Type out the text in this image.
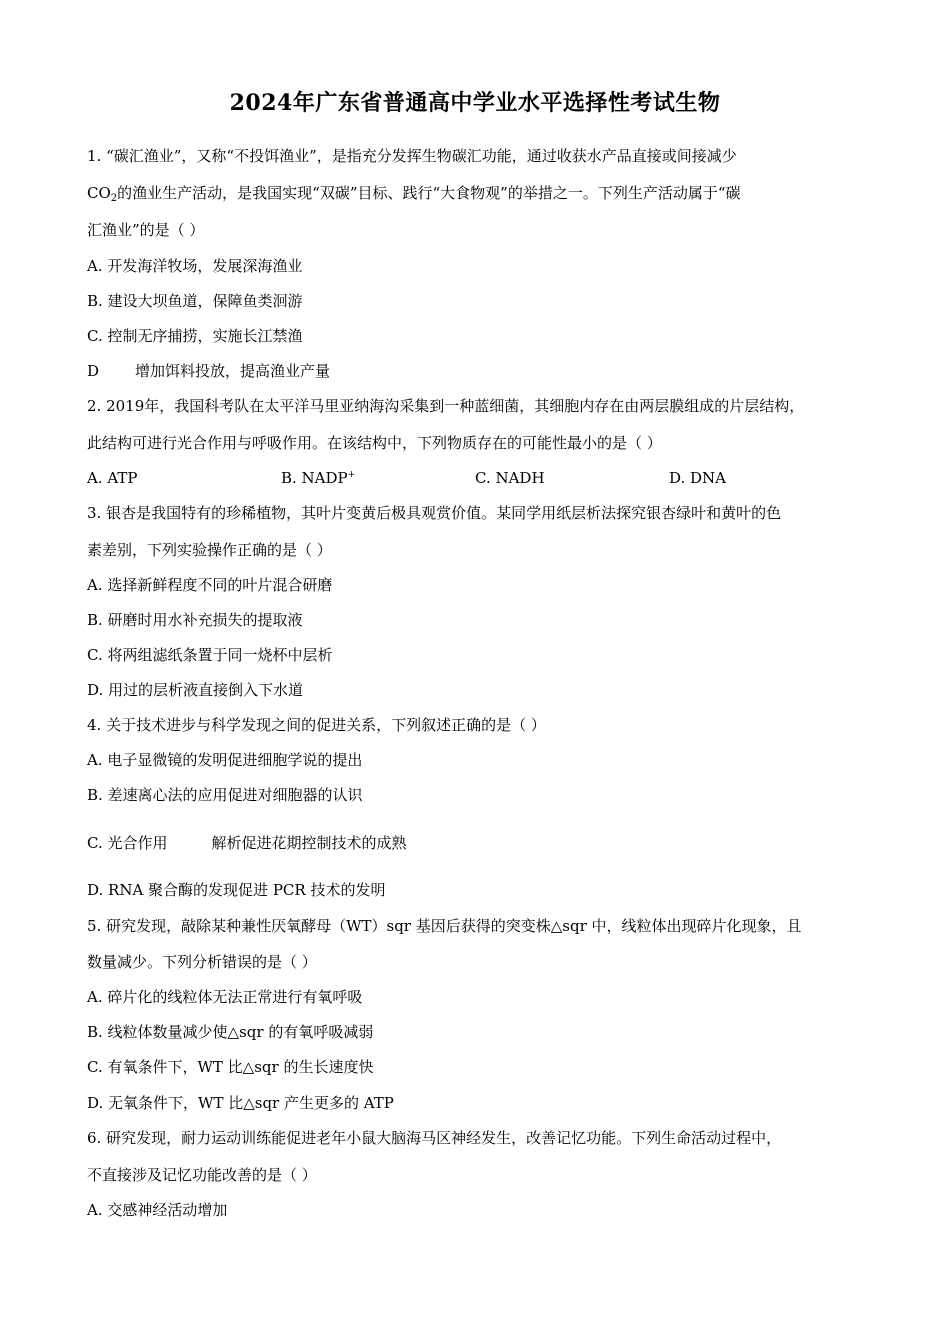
2024年广东省普通高中学业水平选择性考试生物
1. “碳汇渔业”，又称“不投饵渔业”，是指充分发挥生物碳汇功能，通过收获水产品直接或间接减少
$CO_2$的渔业生产活动，是我国实现“双碳”目标、践行“大食物观”的举措之一。下列生产活动属于“碳
汇渔业”的是（ ）
A. 开发海洋牧场，发展深海渔业
B. 建设大坝鱼道，保障鱼类洄游
C. 控制无序捕捞，实施长江禁渔
D 增加饵料投放，提高渔业产量
2. 2019年，我国科考队在太平洋马里亚纳海沟采集到一种蓝细菌，其细胞内存在由两层膜组成的片层结构，
此结构可进行光合作用与呼吸作用。在该结构中，下列物质存在的可能性最小的是（ ）
A. ATP	B. NADP+	C. NADH	D. DNA
3. 银杏是我国特有的珍稀植物，其叶片变黄后极具观赏价值。某同学用纸层析法探究银杏绿叶和黄叶的色
素差别，下列实验操作正确的是（ ）
A. 选择新鲜程度不同的叶片混合研磨
B. 研磨时用水补充损失的提取液
C. 将两组滤纸条置于同一烧杯中层析
D. 用过的层析液直接倒入下水道
4. 关于技术进步与科学发现之间的促进关系，下列叙述正确的是（ ）
A. 电子显微镜的发明促进细胞学说的提出
B. 差速离心法的应用促进对细胞器的认识
C. 光合作用	解析促进花期控制技术的成熟
D. RNA 聚合酶的发现促进 PCR 技术的发明
5. 研究发现，敲除某种兼性厌氧酵母（WT）sqr 基因后获得的突变株△sqr 中，线粒体出现碎片化现象，且
数量减少。下列分析错误的是（ ）
A. 碎片化的线粒体无法正常进行有氧呼吸
B. 线粒体数量减少使△sqr 的有氧呼吸减弱
C. 有氧条件下，WT 比△sqr 的生长速度快
D. 无氧条件下，WT 比△sqr 产生更多的 ATP
6. 研究发现，耐力运动训练能促进老年小鼠大脑海马区神经发生，改善记忆功能。下列生命活动过程中，
不直接涉及记忆功能改善的是（ ）
A. 交感神经活动增加
